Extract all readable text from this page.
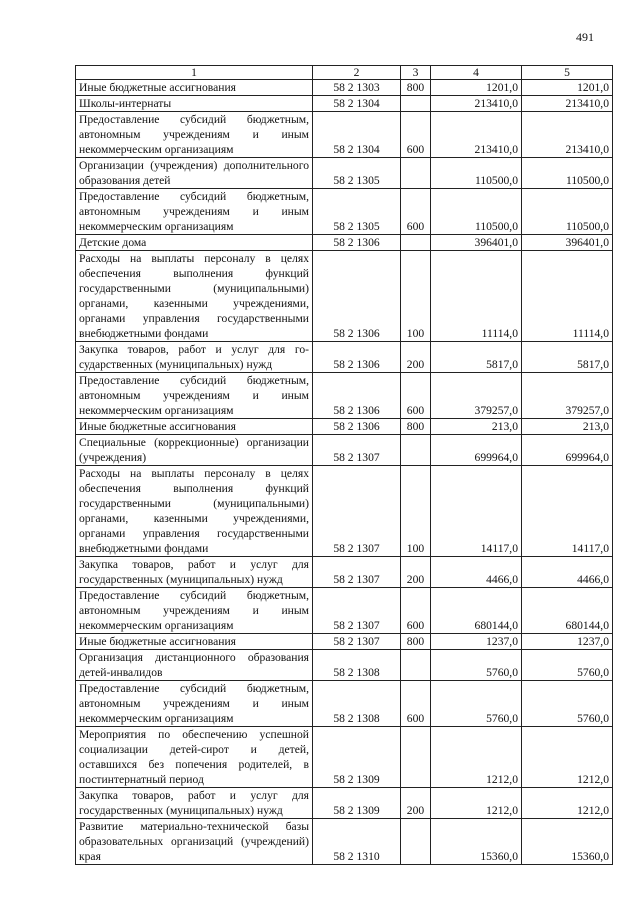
491
1	2	3	4	5
Иные бюджетные ассигнования	58 2 1303	800	1201,0	1201,0
Школы-интернаты	58 2 1304		213410,0	213410,0
Предоставление субсидий бюджетным, автономным учреждениям и иным некоммерческим организациям	58 2 1304	600	213410,0	213410,0
Организации (учреждения) дополнительного образования детей	58 2 1305		110500,0	110500,0
Предоставление субсидий бюджетным, автономным учреждениям и иным некоммерческим организациям	58 2 1305	600	110500,0	110500,0
Детские дома	58 2 1306		396401,0	396401,0
Расходы на выплаты персоналу в целях обеспечения выполнения функций государственными (муниципальными) органами, казенными учреждениями, органами управления государственными внебюджетными фондами	58 2 1306	100	11114,0	11114,0
Закупка товаров, работ и услуг для государственных (муниципальных) нужд	58 2 1306	200	5817,0	5817,0
Предоставление субсидий бюджетным, автономным учреждениям и иным некоммерческим организациям	58 2 1306	600	379257,0	379257,0
Иные бюджетные ассигнования	58 2 1306	800	213,0	213,0
Специальные (коррекционные) организации (учреждения)	58 2 1307		699964,0	699964,0
Расходы на выплаты персоналу в целях обеспечения выполнения функций государственными (муниципальными) органами, казенными учреждениями, органами управления государственными внебюджетными фондами	58 2 1307	100	14117,0	14117,0
Закупка товаров, работ и услуг для государственных (муниципальных) нужд	58 2 1307	200	4466,0	4466,0
Предоставление субсидий бюджетным, автономным учреждениям и иным некоммерческим организациям	58 2 1307	600	680144,0	680144,0
Иные бюджетные ассигнования	58 2 1307	800	1237,0	1237,0
Организация дистанционного образования детей-инвалидов	58 2 1308		5760,0	5760,0
Предоставление субсидий бюджетным, автономным учреждениям и иным некоммерческим организациям	58 2 1308	600	5760,0	5760,0
Мероприятия по обеспечению успешной социализации детей-сирот и детей, оставшихся без попечения родителей, в постинтернатный период	58 2 1309		1212,0	1212,0
Закупка товаров, работ и услуг для государственных (муниципальных) нужд	58 2 1309	200	1212,0	1212,0
Развитие материально-технической базы образовательных организаций (учреждений) края	58 2 1310		15360,0	15360,0
